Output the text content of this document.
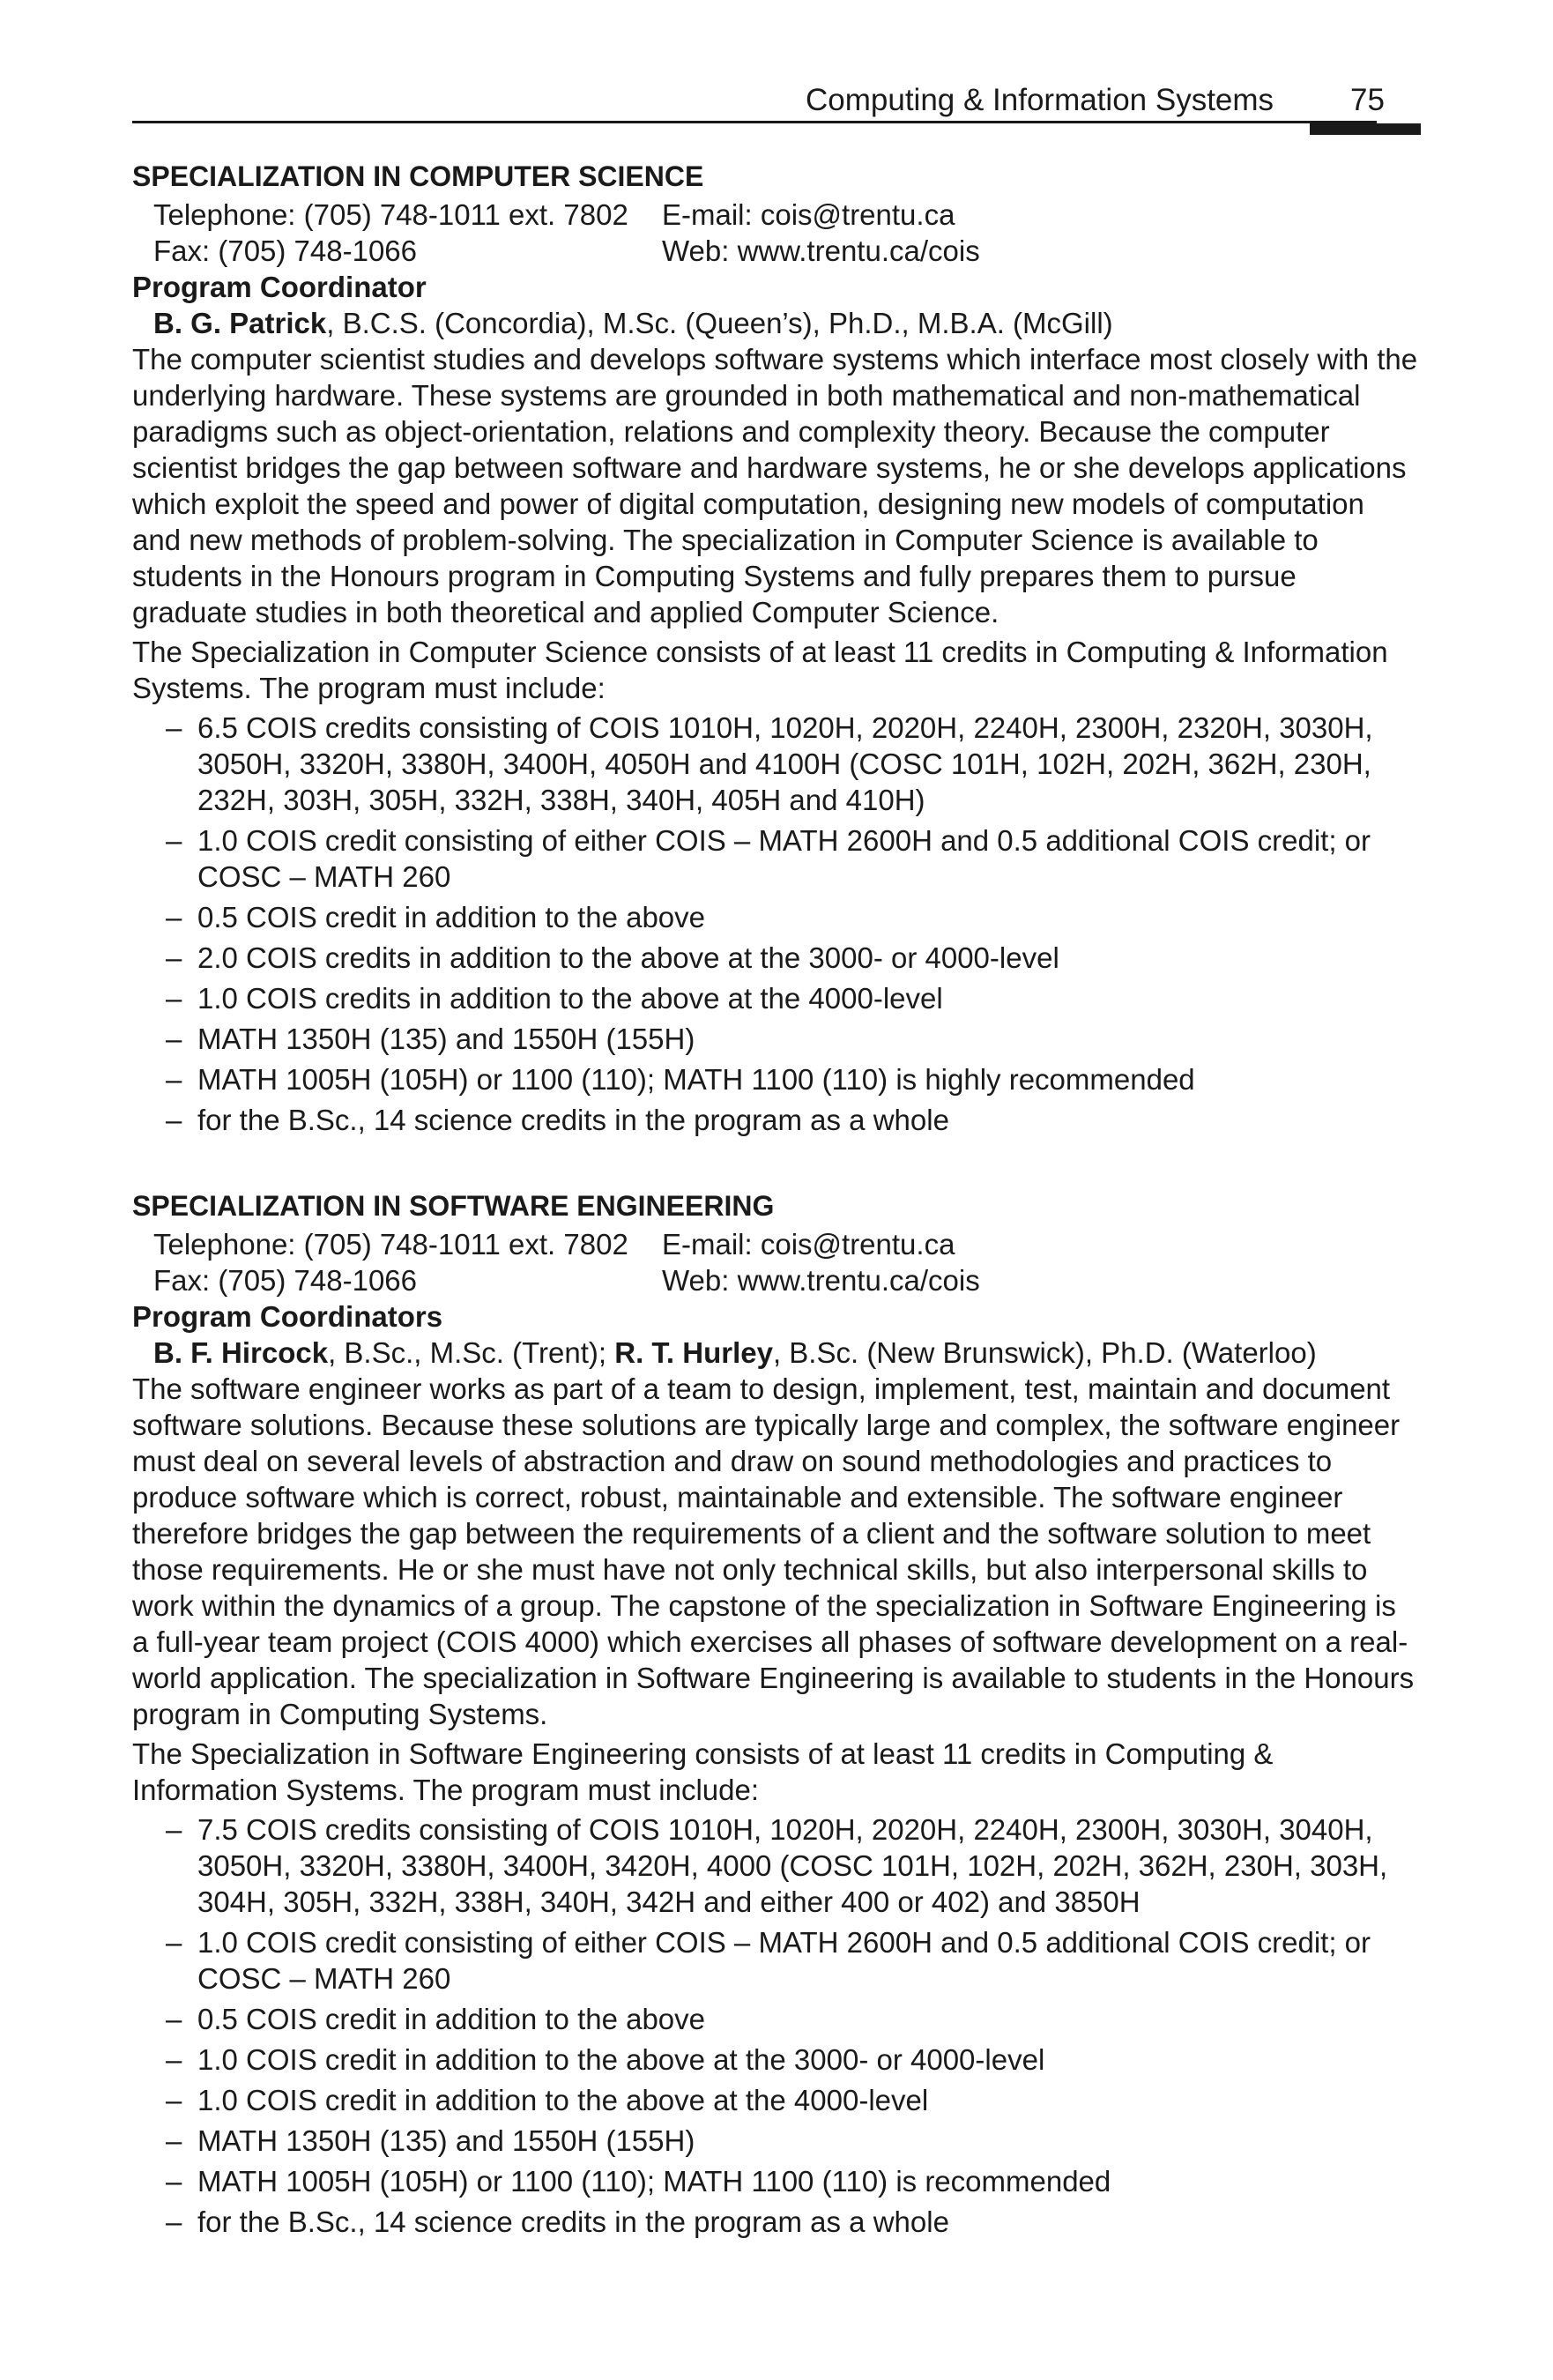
Computing & Information Systems 75
SPECIALIZATION IN COMPUTER SCIENCE
Telephone: (705) 748-1011 ext. 7802	E-mail: cois@trentu.ca
Fax: (705) 748-1066	Web: www.trentu.ca/cois
Program Coordinator
B. G. Patrick, B.C.S. (Concordia), M.Sc. (Queen’s), Ph.D., M.B.A. (McGill)

The computer scientist studies and develops software systems which interface most closely with the underlying hardware. These systems are grounded in both mathematical and non-mathematical paradigms such as object-orientation, relations and complexity theory. Because the computer scientist bridges the gap between software and hardware systems, he or she develops applications which exploit the speed and power of digital computation, designing new models of computation and new methods of problem-solving. The specialization in Computer Science is available to students in the Honours program in Computing Systems and fully prepares them to pursue graduate studies in both theoretical and applied Computer Science.

The Specialization in Computer Science consists of at least 11 credits in Computing & Information Systems. The program must include:

– 6.5 COIS credits consisting of COIS 1010H, 1020H, 2020H, 2240H, 2300H, 2320H, 3030H, 3050H, 3320H, 3380H, 3400H, 4050H and 4100H (COSC 101H, 102H, 202H, 362H, 230H, 232H, 303H, 305H, 332H, 338H, 340H, 405H and 410H)
– 1.0 COIS credit consisting of either COIS – MATH 2600H and 0.5 additional COIS credit; or COSC – MATH 260
– 0.5 COIS credit in addition to the above
– 2.0 COIS credits in addition to the above at the 3000- or 4000-level
– 1.0 COIS credits in addition to the above at the 4000-level
– MATH 1350H (135) and 1550H (155H)
– MATH 1005H (105H) or 1100 (110); MATH 1100 (110) is highly recommended
– for the B.Sc., 14 science credits in the program as a whole
SPECIALIZATION IN SOFTWARE ENGINEERING
Telephone: (705) 748-1011 ext. 7802	E-mail: cois@trentu.ca
Fax: (705) 748-1066	Web: www.trentu.ca/cois
Program Coordinators
B. F. Hircock, B.Sc., M.Sc. (Trent); R. T. Hurley, B.Sc. (New Brunswick), Ph.D. (Waterloo)

The software engineer works as part of a team to design, implement, test, maintain and document software solutions. Because these solutions are typically large and complex, the software engineer must deal on several levels of abstraction and draw on sound methodologies and practices to produce software which is correct, robust, maintainable and extensible. The software engineer therefore bridges the gap between the requirements of a client and the software solution to meet those requirements. He or she must have not only technical skills, but also interpersonal skills to work within the dynamics of a group. The capstone of the specialization in Software Engineering is a full-year team project (COIS 4000) which exercises all phases of software development on a real-world application. The specialization in Software Engineering is available to students in the Honours program in Computing Systems.

The Specialization in Software Engineering consists of at least 11 credits in Computing & Information Systems. The program must include:

– 7.5 COIS credits consisting of COIS 1010H, 1020H, 2020H, 2240H, 2300H, 3030H, 3040H, 3050H, 3320H, 3380H, 3400H, 3420H, 4000 (COSC 101H, 102H, 202H, 362H, 230H, 303H, 304H, 305H, 332H, 338H, 340H, 342H and either 400 or 402) and 3850H
– 1.0 COIS credit consisting of either COIS – MATH 2600H and 0.5 additional COIS credit; or COSC – MATH 260
– 0.5 COIS credit in addition to the above
– 1.0 COIS credit in addition to the above at the 3000- or 4000-level
– 1.0 COIS credit in addition to the above at the 4000-level
– MATH 1350H (135) and 1550H (155H)
– MATH 1005H (105H) or 1100 (110); MATH 1100 (110) is recommended
– for the B.Sc., 14 science credits in the program as a whole
